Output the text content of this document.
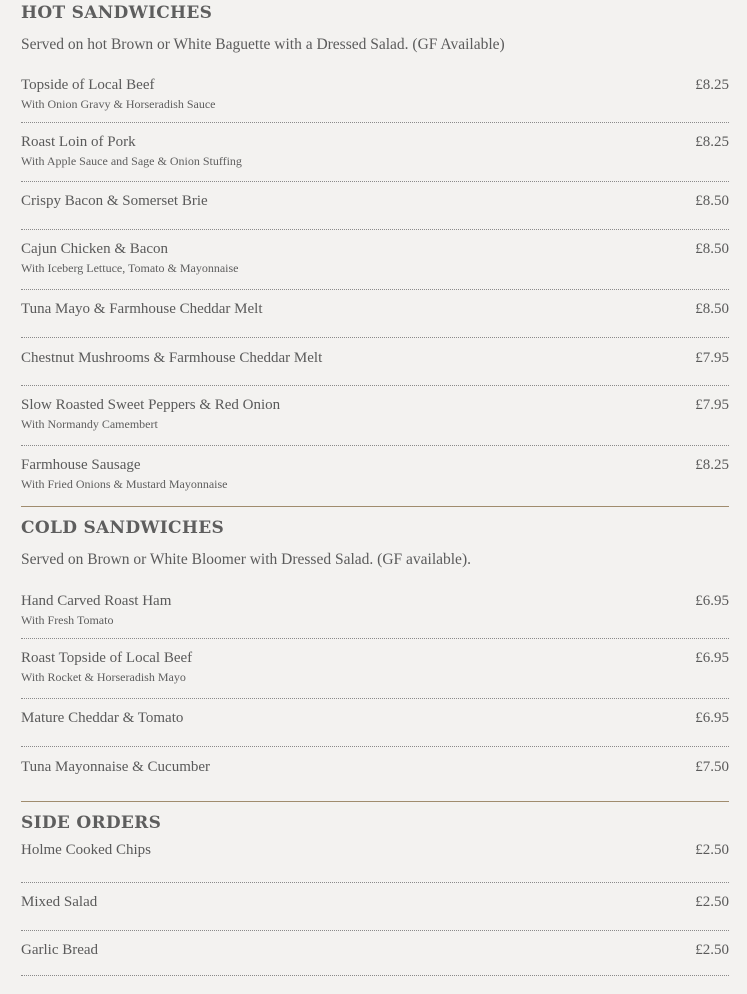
HOT SANDWICHES

Served on hot Brown or White Baguette with a Dressed Salad. (GF Available)

Topside of Local Beef
With Onion Gravy & Horseradish Sauce
£8.25
Roast Loin of Pork
With Apple Sauce and Sage & Onion Stuffing
£8.25
Crispy Bacon & Somerset Brie	£8.50
Cajun Chicken & Bacon
With Iceberg Lettuce, Tomato & Mayonnaise
£8.50
Tuna Mayo & Farmhouse Cheddar Melt	£8.50
Chestnut Mushrooms & Farmhouse Cheddar Melt	£7.95
Slow Roasted Sweet Peppers & Red Onion
With Normandy Camembert
£7.95
Farmhouse Sausage
With Fried Onions & Mustard Mayonnaise
£8.25
COLD SANDWICHES

Served on Brown or White Bloomer with Dressed Salad. (GF available).

Hand Carved Roast Ham
With Fresh Tomato
£6.95
Roast Topside of Local Beef
With Rocket & Horseradish Mayo
£6.95
Mature Cheddar & Tomato	£6.95
Tuna Mayonnaise & Cucumber	£7.50
SIDE ORDERS
Holme Cooked Chips	£2.50
Mixed Salad	£2.50
Garlic Bread	£2.50
